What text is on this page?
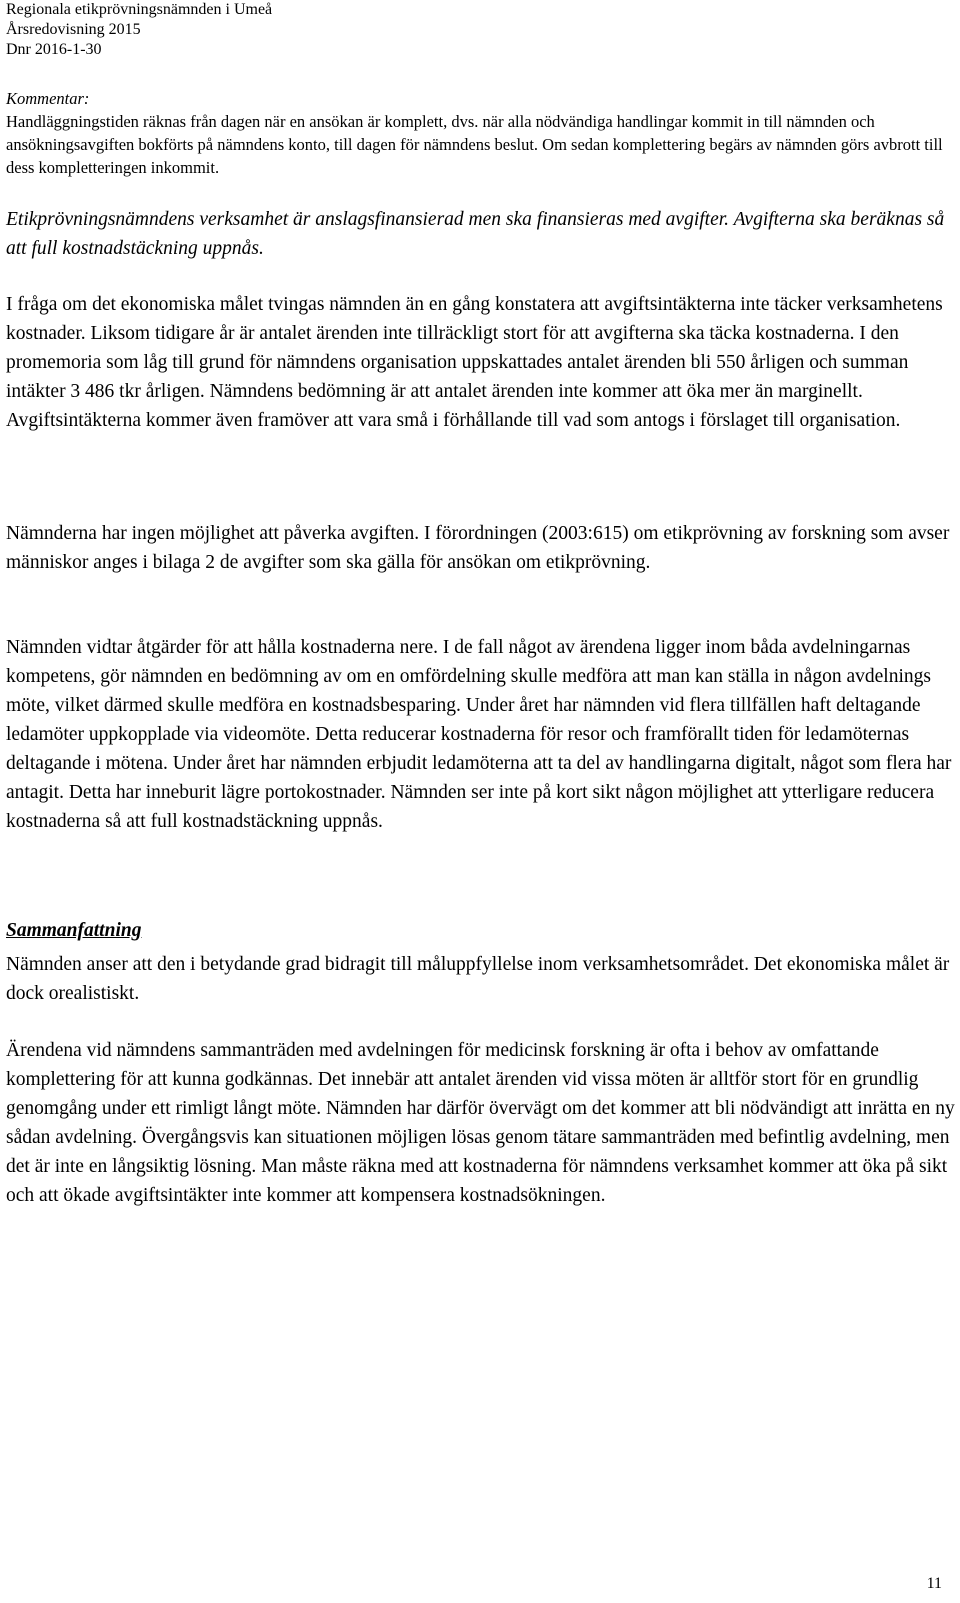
Regionala etikprövningsnämnden i Umeå
Årsredovisning 2015
Dnr 2016-1-30
Kommentar:
Handläggningstiden räknas från dagen när en ansökan är komplett, dvs. när alla nödvändiga handlingar kommit in till nämnden och ansökningsavgiften bokförts på nämndens konto, till dagen för nämndens beslut. Om sedan komplettering begärs av nämnden görs avbrott till dess kompletteringen inkommit.

Etikprövningsnämndens verksamhet är anslagsfinansierad men ska finansieras med avgifter. Avgifterna ska beräknas så att full kostnadstäckning uppnås.

I fråga om det ekonomiska målet tvingas nämnden än en gång konstatera att avgiftsintäkterna inte täcker verksamhetens kostnader. Liksom tidigare år är antalet ärenden inte tillräckligt stort för att avgifterna ska täcka kostnaderna. I den promemoria som låg till grund för nämndens organisation uppskattades antalet ärenden bli 550 årligen och summan intäkter 3 486 tkr årligen. Nämndens bedömning är att antalet ärenden inte kommer att öka mer än marginellt. Avgiftsintäkterna kommer även framöver att vara små i förhållande till vad som antogs i förslaget till organisation.

Nämnderna har ingen möjlighet att påverka avgiften. I förordningen (2003:615) om etikprövning av forskning som avser människor anges i bilaga 2 de avgifter som ska gälla för ansökan om etikprövning.

Nämnden vidtar åtgärder för att hålla kostnaderna nere. I de fall något av ärendena ligger inom båda avdelningarnas kompetens, gör nämnden en bedömning av om en omfördelning skulle medföra att man kan ställa in någon avdelnings möte, vilket därmed skulle medföra en kostnadsbesparing. Under året har nämnden vid flera tillfällen haft deltagande ledamöter uppkopplade via videomöte. Detta reducerar kostnaderna för resor och framförallt tiden för ledamöternas deltagande i mötena. Under året har nämnden erbjudit ledamöterna att ta del av handlingarna digitalt, något som flera har antagit. Detta har inneburit lägre portokostnader. Nämnden ser inte på kort sikt någon möjlighet att ytterligare reducera kostnaderna så att full kostnadstäckning uppnås.

Sammanfattning

Nämnden anser att den i betydande grad bidragit till måluppfyllelse inom verksamhetsområdet. Det ekonomiska målet är dock orealistiskt.

Ärendena vid nämndens sammanträden med avdelningen för medicinsk forskning är ofta i behov av omfattande komplettering för att kunna godkännas. Det innebär att antalet ärenden vid vissa möten är alltför stort för en grundlig genomgång under ett rimligt långt möte. Nämnden har därför övervägt om det kommer att bli nödvändigt att inrätta en ny sådan avdelning. Övergångsvis kan situationen möjligen lösas genom tätare sammanträden med befintlig avdelning, men det är inte en långsiktig lösning. Man måste räkna med att kostnaderna för nämndens verksamhet kommer att öka på sikt och att ökade avgiftsintäkter inte kommer att kompensera kostnadsökningen.

11
